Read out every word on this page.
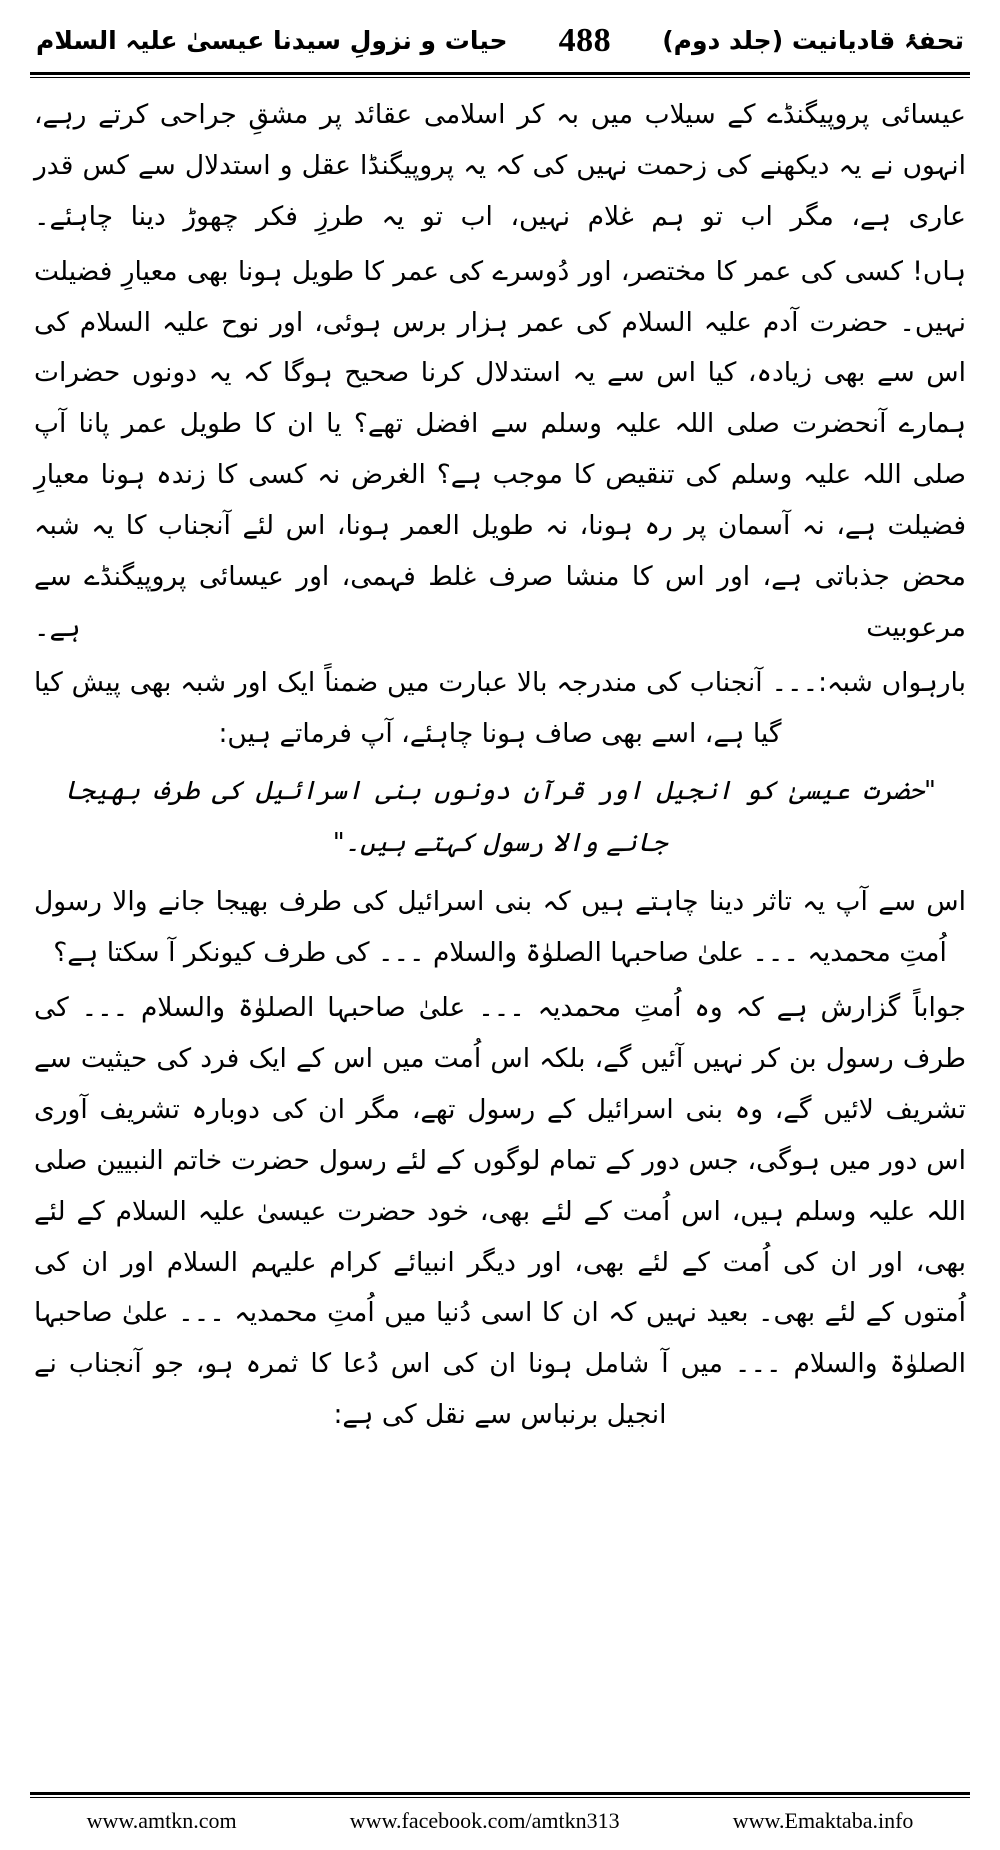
تحفۂ قادیانیت (جلد دوم)
488
حیات و نزولِ سیدنا عیسیٰ علیہ السلام

عیسائی پروپیگنڈے کے سیلاب میں بہ کر اسلامی عقائد پر مشقِ جراحی کرتے رہے، انہوں نے یہ دیکھنے کی زحمت نہیں کی کہ یہ پروپیگنڈا عقل و استدلال سے کس قدر عاری ہے، مگر اب تو ہم غلام نہیں، اب تو یہ طرزِ فکر چھوڑ دینا چاہئے۔

ہاں! کسی کی عمر کا مختصر، اور دُوسرے کی عمر کا طویل ہونا بھی معیارِ فضیلت نہیں۔ حضرت آدم علیہ السلام کی عمر ہزار برس ہوئی، اور نوح علیہ السلام کی اس سے بھی زیادہ، کیا اس سے یہ استدلال کرنا صحیح ہوگا کہ یہ دونوں حضرات ہمارے آنحضرت صلی اللہ علیہ وسلم سے افضل تھے؟ یا ان کا طویل عمر پانا آپ صلی اللہ علیہ وسلم کی تنقیص کا موجب ہے؟ الغرض نہ کسی کا زندہ ہونا معیارِ فضیلت ہے، نہ آسمان پر رہ ہونا، نہ طویل العمر ہونا، اس لئے آنجناب کا یہ شبہ محض جذباتی ہے، اور اس کا منشا صرف غلط فہمی، اور عیسائی پروپیگنڈے سے مرعوبیت ہے۔

بارہواں شبہ:۔۔۔ آنجناب کی مندرجہ بالا عبارت میں ضمناً ایک اور شبہ بھی پیش کیا گیا ہے، اسے بھی صاف ہونا چاہئے، آپ فرماتے ہیں:

"حضرت عیسیٰ کو انجیل اور قرآن دونوں بنی اسرائیل کی طرف بھیجا جانے والا رسول کہتے ہیں۔"

اس سے آپ یہ تاثر دینا چاہتے ہیں کہ بنی اسرائیل کی طرف بھیجا جانے والا رسول اُمتِ محمدیہ ۔۔۔ علیٰ صاحبہا الصلوٰۃ والسلام ۔۔۔ کی طرف کیونکر آ سکتا ہے؟

جواباً گزارش ہے کہ وہ اُمتِ محمدیہ ۔۔۔ علیٰ صاحبہا الصلوٰۃ والسلام ۔۔۔ کی طرف رسول بن کر نہیں آئیں گے، بلکہ اس اُمت میں اس کے ایک فرد کی حیثیت سے تشریف لائیں گے، وہ بنی اسرائیل کے رسول تھے، مگر ان کی دوبارہ تشریف آوری اس دور میں ہوگی، جس دور کے تمام لوگوں کے لئے رسول حضرت خاتم النبیین صلی اللہ علیہ وسلم ہیں، اس اُمت کے لئے بھی، خود حضرت عیسیٰ علیہ السلام کے لئے بھی، اور ان کی اُمت کے لئے بھی، اور دیگر انبیائے کرام علیہم السلام اور ان کی اُمتوں کے لئے بھی۔ بعید نہیں کہ ان کا اسی دُنیا میں اُمتِ محمدیہ ۔۔۔ علیٰ صاحبہا الصلوٰۃ والسلام ۔۔۔ میں آ شامل ہونا ان کی اس دُعا کا ثمرہ ہو، جو آنجناب نے انجیل برنباس سے نقل کی ہے:

www.amtkn.com	www.facebook.com/amtkn313	www.Emaktaba.info
